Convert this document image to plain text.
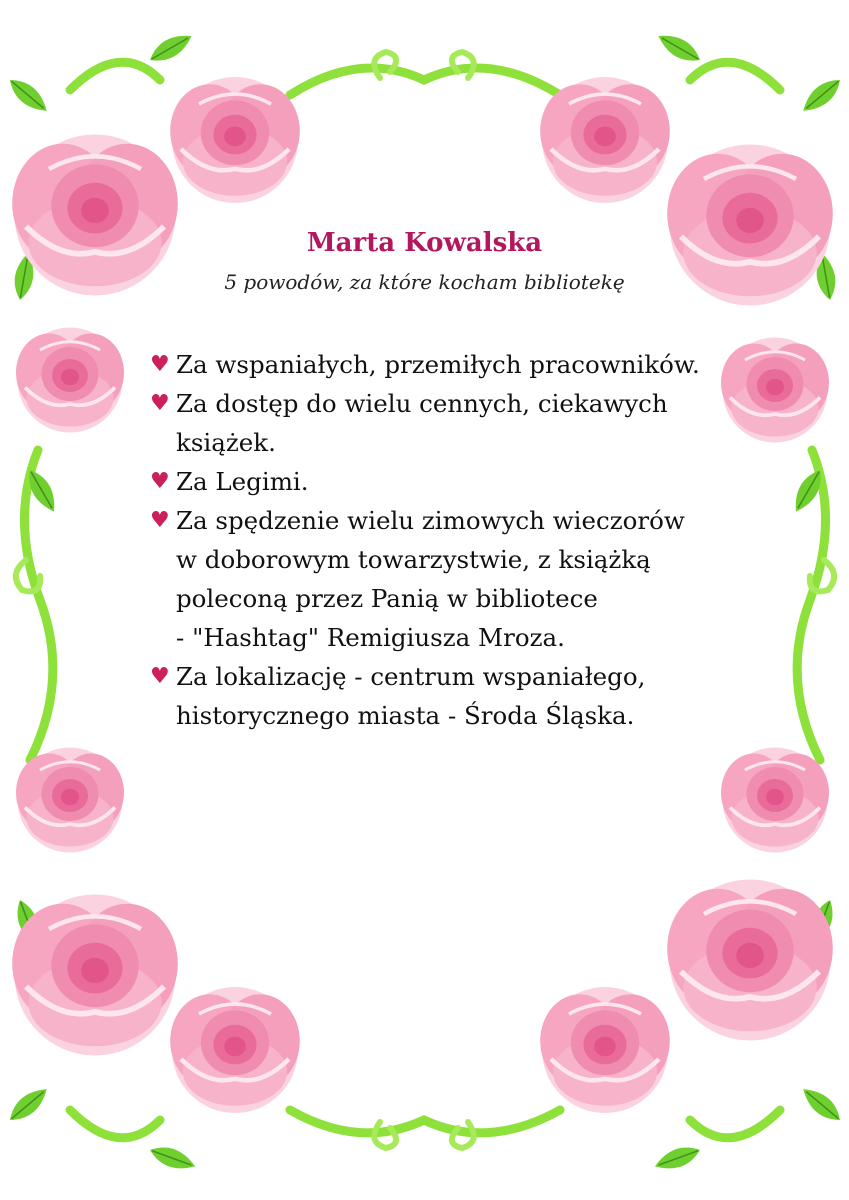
Marta Kowalska
5 powodów, za które kocham bibliotekę
♥ Za wspaniałych, przemiłych pracowników.
♥ Za dostęp do wielu cennych, ciekawych
książek.
♥ Za Legimi.
♥ Za spędzenie wielu zimowych wieczorów
w doborowym towarzystwie, z książką
poleconą przez Panią w bibliotece
- "Hashtag" Remigiusza Mroza.
♥ Za lokalizację - centrum wspaniałego,
historycznego miasta - Środa Śląska.
